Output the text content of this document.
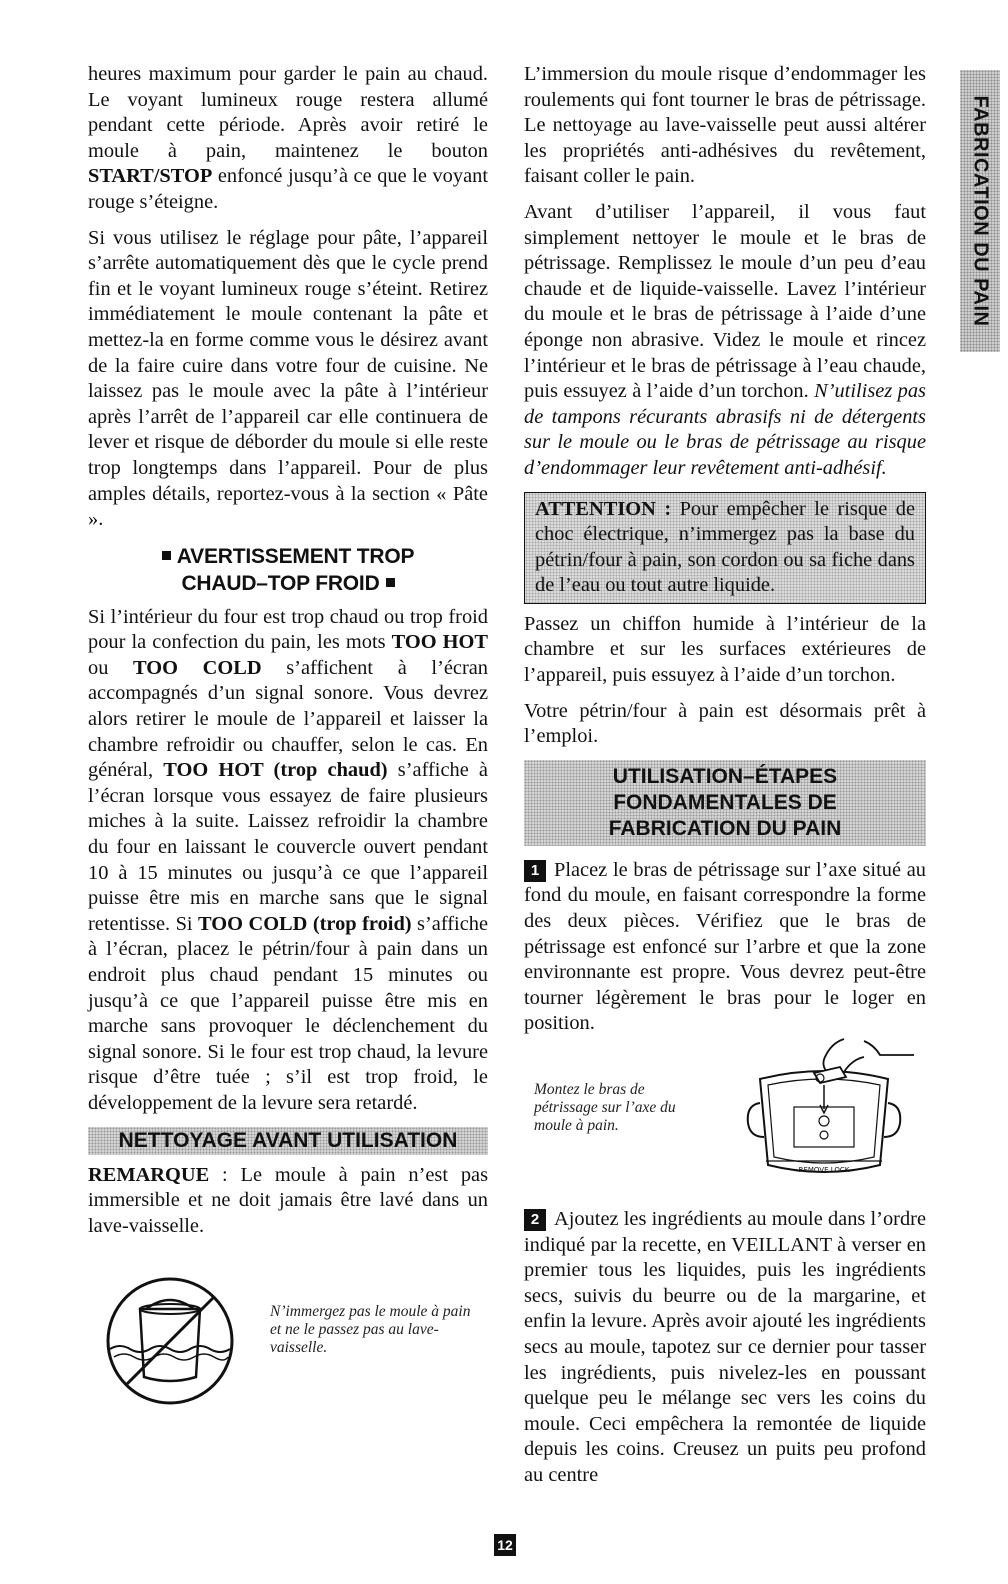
FABRICATION DU PAIN

heures maximum pour garder le pain au chaud. Le voyant lumineux rouge restera allumé pendant cette période. Après avoir retiré le moule à pain, maintenez le bouton START/STOP enfoncé jusqu’à ce que le voyant rouge s’éteigne.

Si vous utilisez le réglage pour pâte, l’appareil s’arrête automatiquement dès que le cycle prend fin et le voyant lumineux rouge s’éteint. Retirez immédiatement le moule contenant la pâte et mettez-la en forme comme vous le désirez avant de la faire cuire dans votre four de cuisine. Ne laissez pas le moule avec la pâte à l’intérieur après l’arrêt de l’appareil car elle continuera de lever et risque de déborder du moule si elle reste trop longtemps dans l’appareil. Pour de plus amples détails, reportez-vous à la section « Pâte ».

AVERTISSEMENT TROP
CHAUD–TOP FROID

Si l’intérieur du four est trop chaud ou trop froid pour la confection du pain, les mots TOO HOT ou TOO COLD s’affichent à l’écran accompagnés d’un signal sonore. Vous devrez alors retirer le moule de l’appareil et laisser la chambre refroidir ou chauffer, selon le cas. En général, TOO HOT (trop chaud) s’affiche à l’écran lorsque vous essayez de faire plusieurs miches à la suite. Laissez refroidir la chambre du four en laissant le couvercle ouvert pendant 10 à 15 minutes ou jusqu’à ce que l’appareil puisse être mis en marche sans que le signal retentisse. Si TOO COLD (trop froid) s’affiche à l’écran, placez le pétrin/four à pain dans un endroit plus chaud pendant 15 minutes ou jusqu’à ce que l’appareil puisse être mis en marche sans provoquer le déclenchement du signal sonore. Si le four est trop chaud, la levure risque d’être tuée ; s’il est trop froid, le développement de la levure sera retardé.

NETTOYAGE AVANT UTILISATION

REMARQUE : Le moule à pain n’est pas immersible et ne doit jamais être lavé dans un lave-vaisselle.

N’immergez pas le moule à pain et ne le passez pas au lave-vaisselle.

L’immersion du moule risque d’endommager les roulements qui font tourner le bras de pétrissage. Le nettoyage au lave-vaisselle peut aussi altérer les propriétés anti-adhésives du revêtement, faisant coller le pain.

Avant d’utiliser l’appareil, il vous faut simplement nettoyer le moule et le bras de pétrissage. Remplissez le moule d’un peu d’eau chaude et de liquide-vaisselle. Lavez l’intérieur du moule et le bras de pétrissage à l’aide d’une éponge non abrasive. Videz le moule et rincez l’intérieur et le bras de pétrissage à l’eau chaude, puis essuyez à l’aide d’un torchon. N’utilisez pas de tampons récurants abrasifs ni de détergents sur le moule ou le bras de pétrissage au risque d’endommager leur revêtement anti-adhésif.

ATTENTION : Pour empêcher le risque de choc électrique, n’immergez pas la base du pétrin/four à pain, son cordon ou sa fiche dans de l’eau ou tout autre liquide.

Passez un chiffon humide à l’intérieur de la chambre et sur les surfaces extérieures de l’appareil, puis essuyez à l’aide d’un torchon.

Votre pétrin/four à pain est désormais prêt à l’emploi.

UTILISATION–ÉTAPES
FONDAMENTALES DE
FABRICATION DU PAIN

1 Placez le bras de pétrissage sur l’axe situé au fond du moule, en faisant correspondre la forme des deux pièces. Vérifiez que le bras de pétrissage est enfoncé sur l’arbre et que la zone environnante est propre. Vous devrez peut-être tourner légèrement le bras pour le loger en position.

Montez le bras de pétrissage sur l’axe du moule à pain.
REMOVE LOCK

2 Ajoutez les ingrédients au moule dans l’ordre indiqué par la recette, en VEILLANT à verser en premier tous les liquides, puis les ingrédients secs, suivis du beurre ou de la margarine, et enfin la levure. Après avoir ajouté les ingrédients secs au moule, tapotez sur ce dernier pour tasser les ingrédients, puis nivelez-les en poussant quelque peu le mélange sec vers les coins du moule. Ceci empêchera la remontée de liquide depuis les coins. Creusez un puits peu profond au centre

12
